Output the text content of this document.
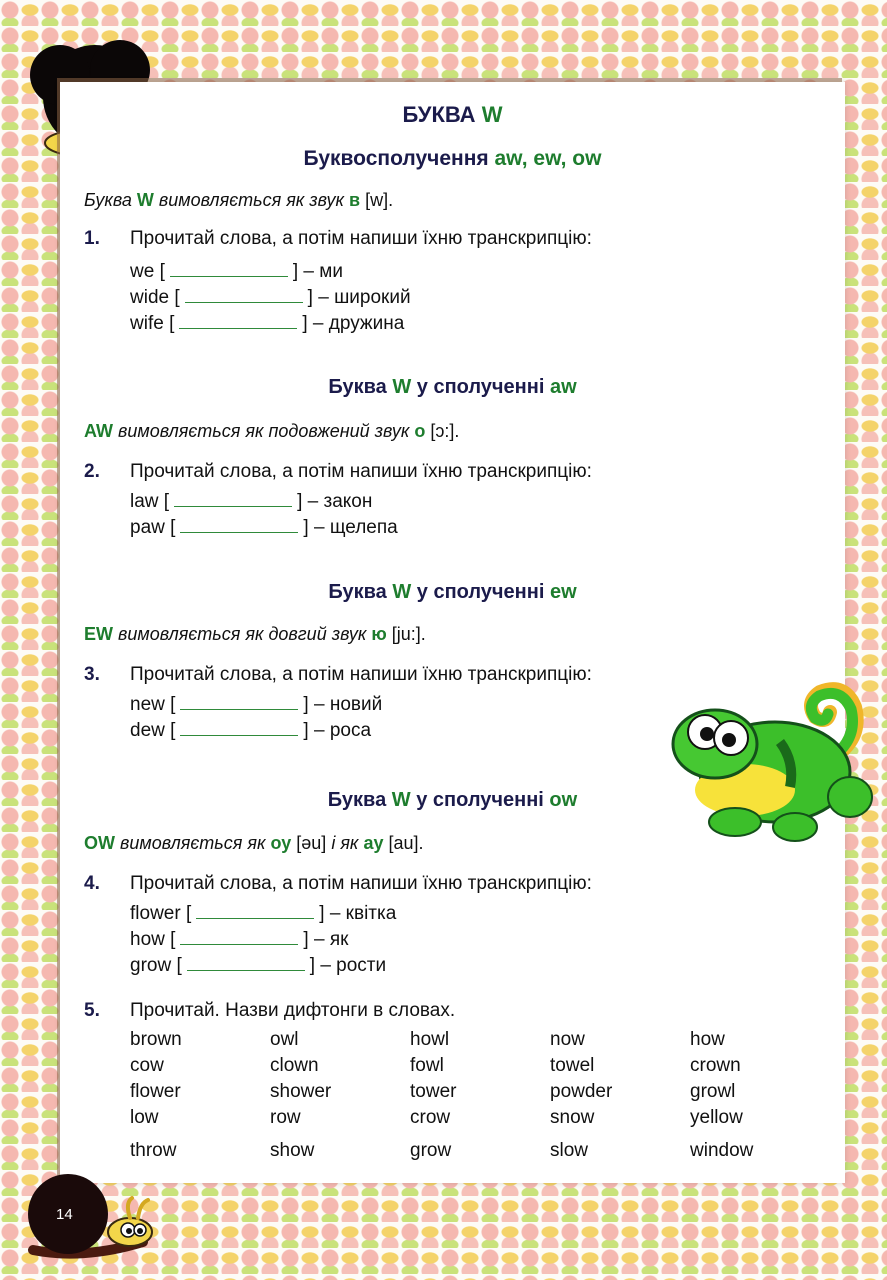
БУКВА W
Буквосполучення aw, ew, ow
Буква W вимовляється як звук в [w].
1. Прочитай слова, а потім напиши їхню транскрипцію:
we [	] – ми
wide [	] – широкий
wife [	] – дружина
Буква W у сполученні aw
AW вимовляється як подовжений звук о [ɔ:].
2. Прочитай слова, а потім напиши їхню транскрипцію:
law [	] – закон
paw [	] – щелепа
Буква W у сполученні ew
EW вимовляється як довгий звук ю [ju:].
3. Прочитай слова, а потім напиши їхню транскрипцію:
new [	] – новий
dew [	] – роса
Буква W у сполученні ow
OW вимовляється як оу [əu] і як ау [au].
4. Прочитай слова, а потім напиши їхню транскрипцію:
flower [	] – квітка
how [	] – як
grow [	] – рости
5. Прочитай. Назви дифтонги в словах.
brown	owl	howl	now	how
cow	clown	fowl	towel	crown
flower	shower	tower	powder	growl
low	row	crow	snow	yellow
throw	show	grow	slow	window
14
